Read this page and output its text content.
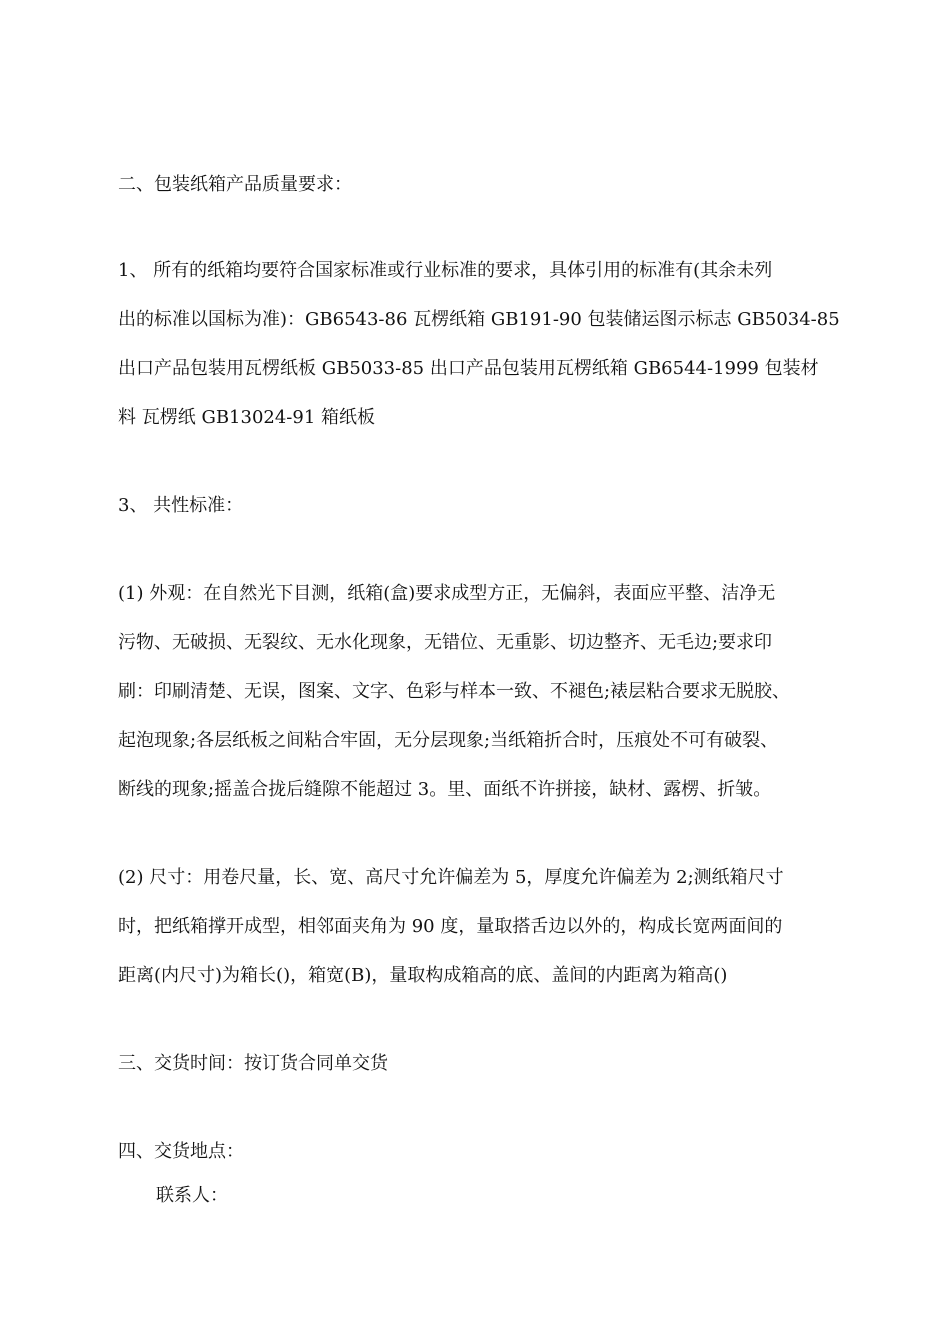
二、包装纸箱产品质量要求：
1、 所有的纸箱均要符合国家标准或行业标准的要求，具体引用的标准有(其余未列
出的标准以国标为准)：GB6543-86 瓦楞纸箱 GB191-90 包装储运图示标志 GB5034-85
出口产品包装用瓦楞纸板 GB5033-85 出口产品包装用瓦楞纸箱 GB6544-1999 包装材
料 瓦楞纸 GB13024-91 箱纸板
3、 共性标准：
(1) 外观：在自然光下目测，纸箱(盒)要求成型方正，无偏斜，表面应平整、洁净无
污物、无破损、无裂纹、无水化现象，无错位、无重影、切边整齐、无毛边;要求印
刷：印刷清楚、无误，图案、文字、色彩与样本一致、不褪色;裱层粘合要求无脱胶、
起泡现象;各层纸板之间粘合牢固，无分层现象;当纸箱折合时，压痕处不可有破裂、
断线的现象;摇盖合拢后缝隙不能超过 3。里、面纸不许拼接，缺材、露楞、折皱。
(2) 尺寸：用卷尺量，长、宽、高尺寸允许偏差为 5，厚度允许偏差为 2;测纸箱尺寸
时，把纸箱撑开成型，相邻面夹角为 90 度，量取搭舌边以外的，构成长宽两面间的
距离(内尺寸)为箱长()，箱宽(B)，量取构成箱高的底、盖间的内距离为箱高()
三、交货时间：按订货合同单交货
四、交货地点：
联系人：
